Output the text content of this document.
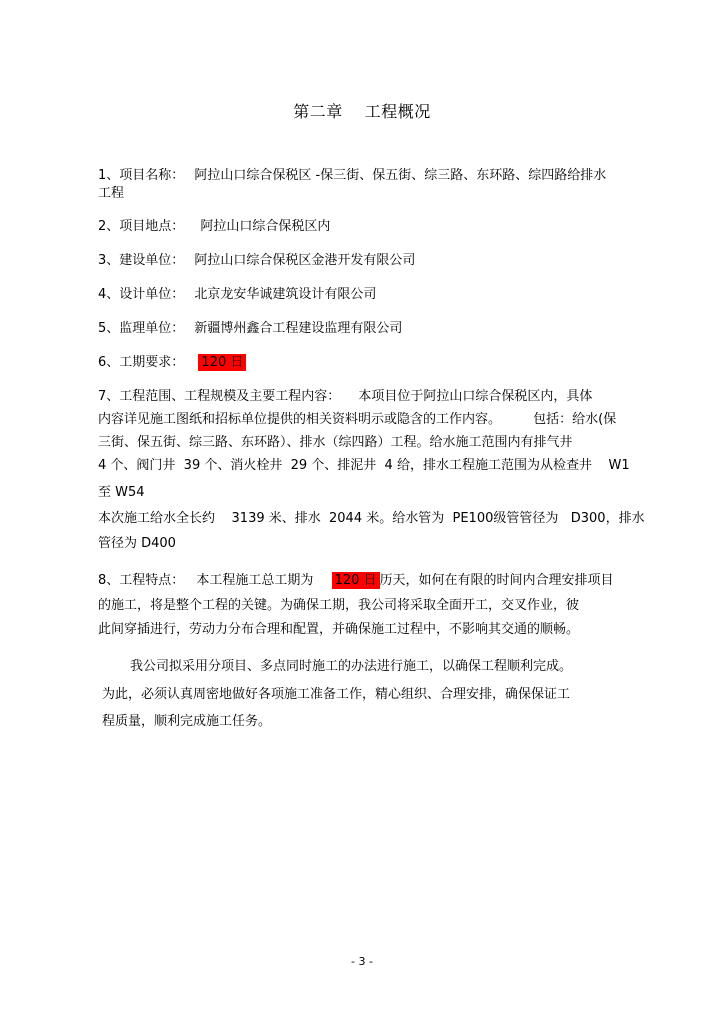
第二章 工程概况
1、项目名称： 阿拉山口综合保税区 -保三街、保五街、综三路、东环路、综四路给排水
工程
2、项目地点： 阿拉山口综合保税区内
3、建设单位： 阿拉山口综合保税区金港开发有限公司
4、设计单位： 北京龙安华诚建筑设计有限公司
5、监理单位： 新疆博州鑫合工程建设监理有限公司
6、工期要求： 120 日
7、工程范围、工程规模及主要工程内容： 本项目位于阿拉山口综合保税区内，具体
内容详见施工图纸和招标单位提供的相关资料明示或隐含的工作内容。 包括：给水(保
三街、保五街、综三路、东环路）、排水（综四路）工程。给水施工范围内有排气井
4 个、阀门井  39 个、消火栓井  29 个、排泥井  4 给，排水工程施工范围为从检查井    W1
至 W54
本次施工给水全长约    3139 米、排水  2044 米。给水管为  PE100级管管径为   D300，排水
管径为 D400
8、工程特点： 本工程施工总工期为 120 日 历天，如何在有限的时间内合理安排项目
的施工，将是整个工程的关键。为确保工期，我公司将采取全面开工，交叉作业，彼
此间穿插进行，劳动力分布合理和配置，并确保施工过程中，不影响其交通的顺畅。
我公司拟采用分项目、多点同时施工的办法进行施工，以确保工程顺利完成。
为此，必须认真周密地做好各项施工准备工作，精心组织、合理安排，确保保证工
程质量，顺利完成施工任务。
- 3 -
